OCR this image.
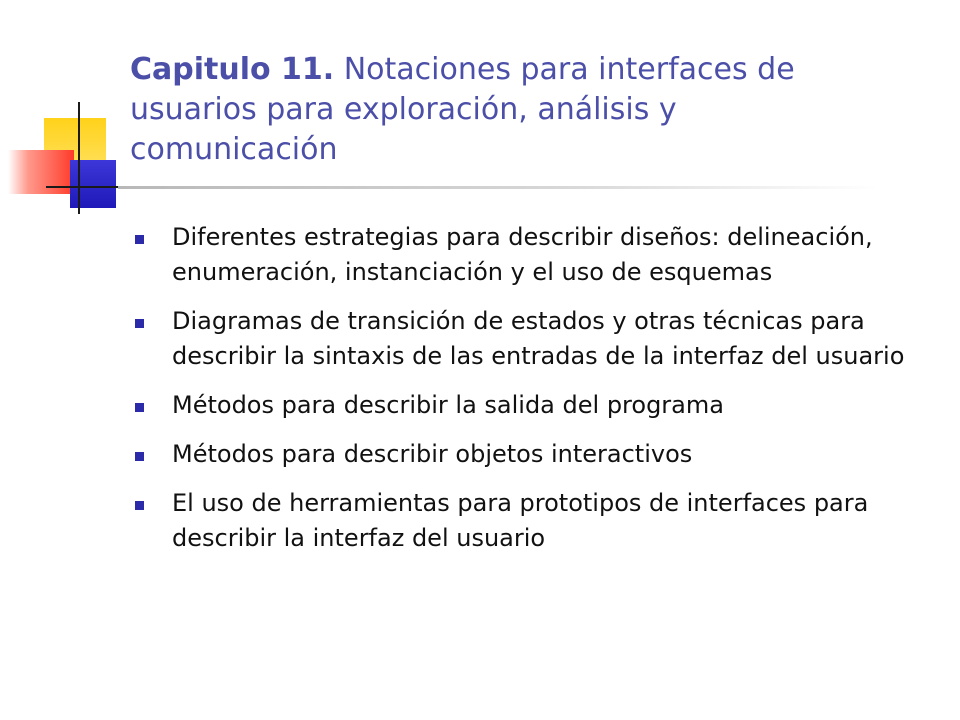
Capitulo 11. Notaciones para interfaces de usuarios para exploración, análisis y comunicación
Diferentes estrategias para describir diseños: delineación, enumeración, instanciación y el uso de esquemas
Diagramas de transición de estados y otras técnicas para describir la sintaxis de las entradas de la interfaz del usuario
Métodos para describir la salida del programa
Métodos para describir objetos interactivos
El uso de herramientas para prototipos de interfaces para describir la interfaz del usuario
